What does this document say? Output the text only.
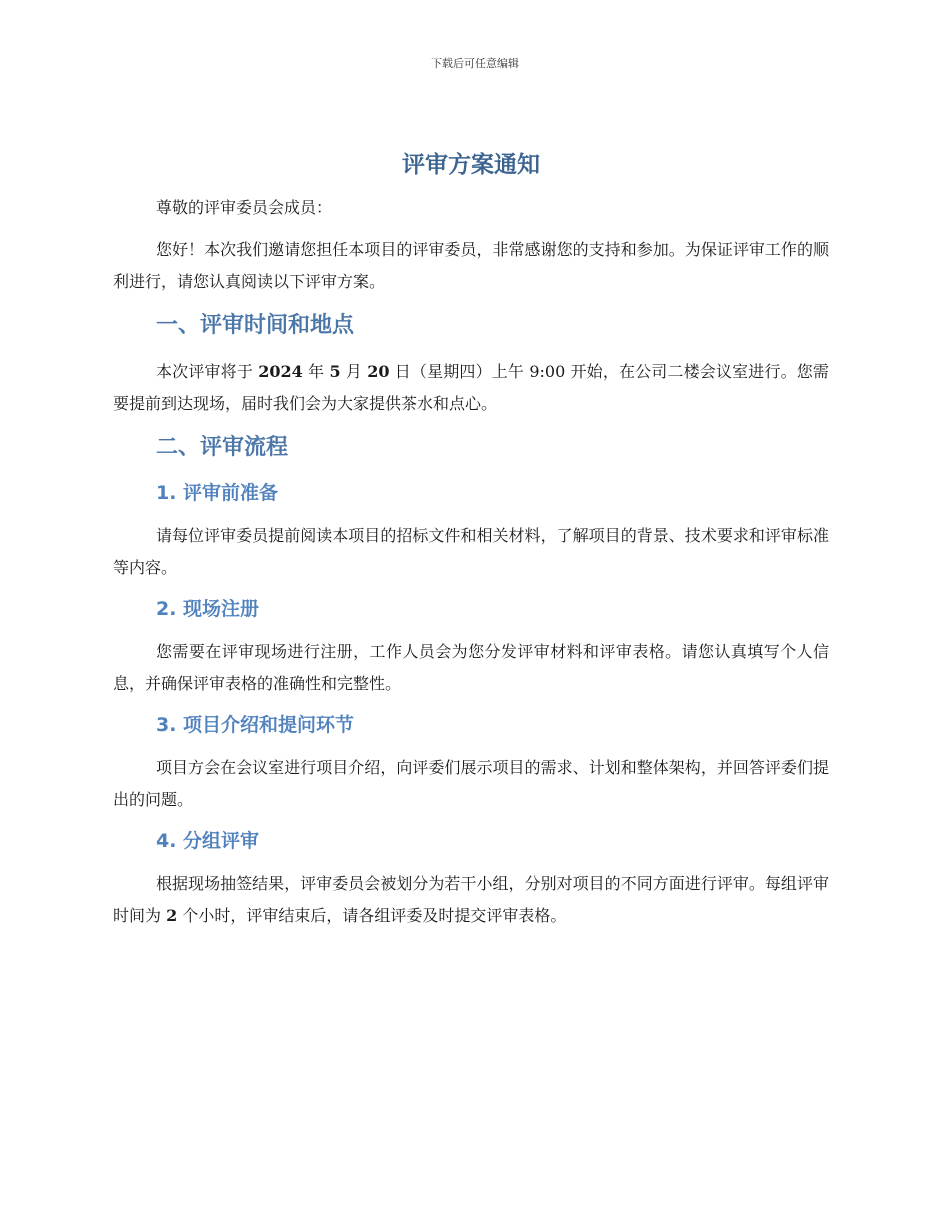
下载后可任意编辑
评审方案通知
尊敬的评审委员会成员：

您好！本次我们邀请您担任本项目的评审委员，非常感谢您的支持和参加。为保证评审工作的顺利进行，请您认真阅读以下评审方案。

一、评审时间和地点

本次评审将于 2024 年 5 月 20 日（星期四）上午 9:00 开始，在公司二楼会议室进行。您需要提前到达现场，届时我们会为大家提供茶水和点心。

二、评审流程
1. 评审前准备

请每位评审委员提前阅读本项目的招标文件和相关材料，了解项目的背景、技术要求和评审标准等内容。

2. 现场注册

您需要在评审现场进行注册，工作人员会为您分发评审材料和评审表格。请您认真填写个人信息，并确保评审表格的准确性和完整性。

3. 项目介绍和提问环节

项目方会在会议室进行项目介绍，向评委们展示项目的需求、计划和整体架构，并回答评委们提出的问题。

4. 分组评审

根据现场抽签结果，评审委员会被划分为若干小组，分别对项目的不同方面进行评审。每组评审时间为 2 个小时，评审结束后，请各组评委及时提交评审表格。
